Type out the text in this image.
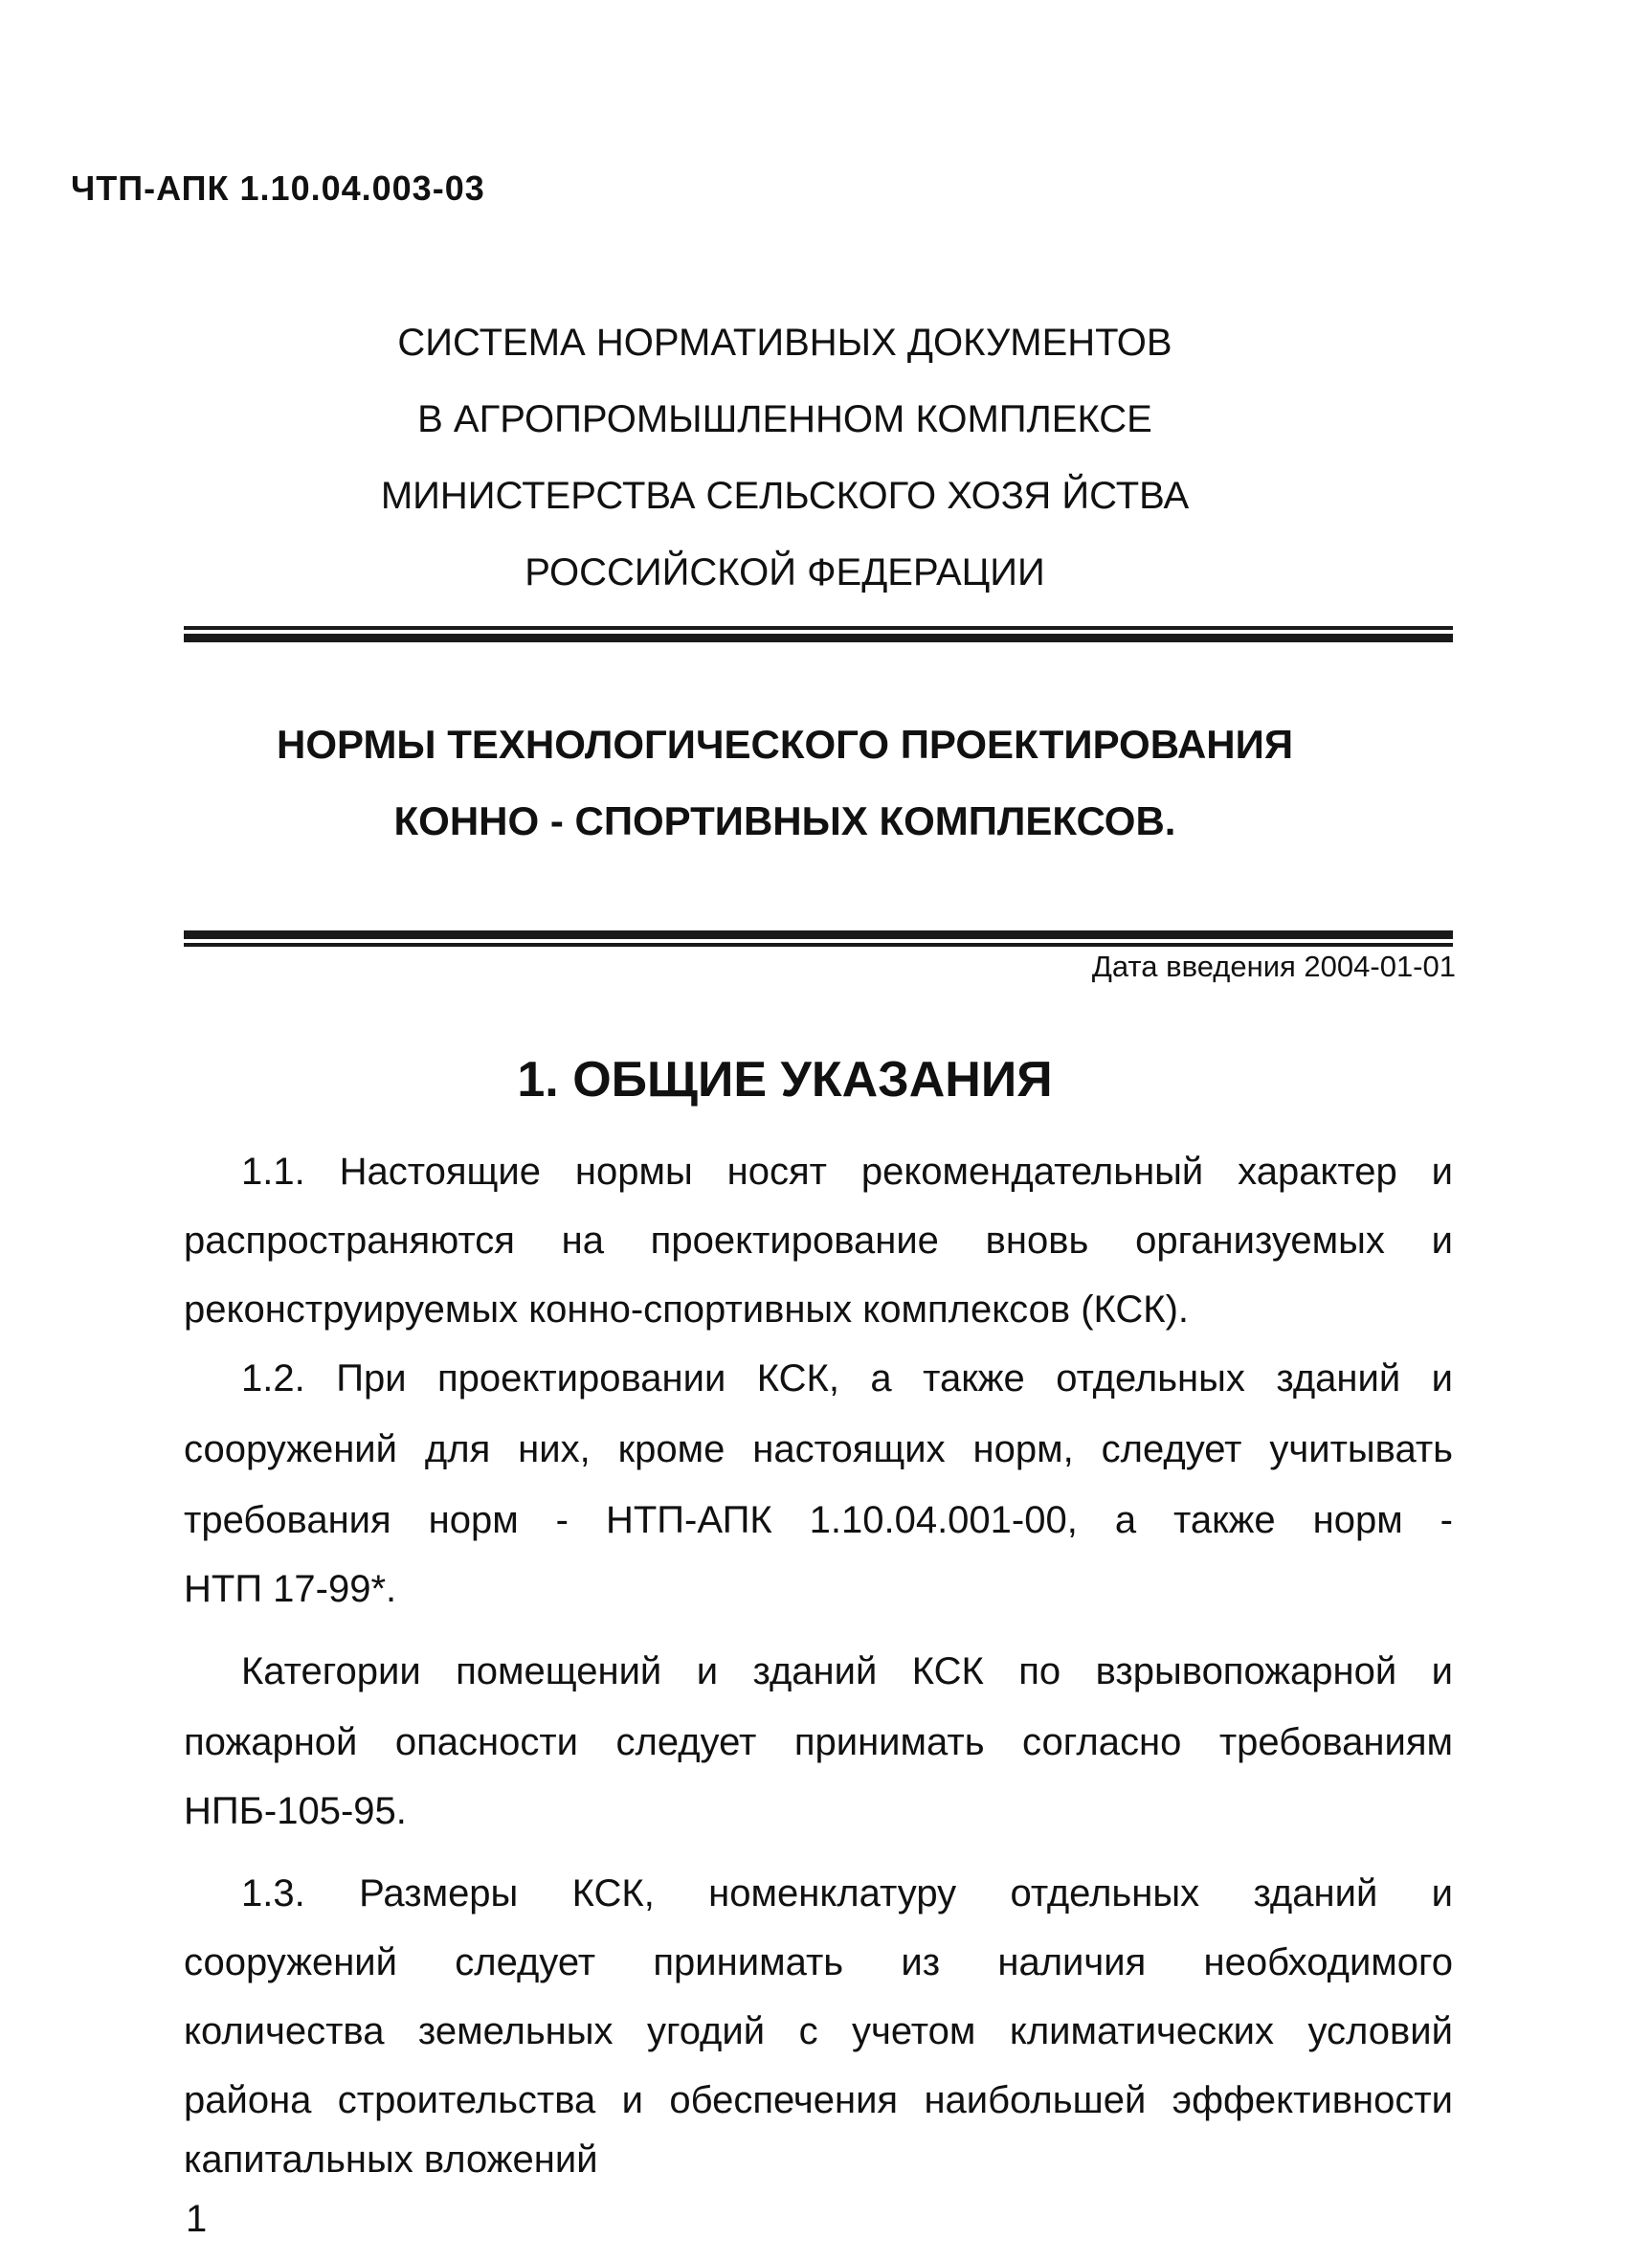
ЧТП-АПК 1.10.04.003-03
СИСТЕМА НОРМАТИВНЫХ ДОКУМЕНТОВ
В АГРОПРОМЫШЛЕННОМ КОМПЛЕКСЕ
МИНИСТЕРСТВА СЕЛЬСКОГО ХОЗЯ ЙСТВА
РОССИЙСКОЙ ФЕДЕРАЦИИ
НОРМЫ ТЕХНОЛОГИЧЕСКОГО ПРОЕКТИРОВАНИЯ
КОННО - СПОРТИВНЫХ КОМПЛЕКСОВ.
Дата введения 2004-01-01
1. ОБЩИЕ УКАЗАНИЯ
1.1. Настоящие нормы носят рекомендательный характер и
распространяются на проектирование вновь организуемых и
реконструируемых конно-спортивных комплексов (КСК).
1.2. При проектировании КСК, а также отдельных зданий и
сооружений для них, кроме настоящих норм, следует учитывать
требования норм - НТП-АПК 1.10.04.001-00, а также норм -
НТП 17-99*.
Категории помещений и зданий КСК по взрывопожарной и
пожарной опасности следует принимать согласно требованиям
НПБ-105-95.
1.3. Размеры КСК, номенклатуру отдельных зданий и
сооружений следует принимать из наличия необходимого
количества земельных угодий с учетом климатических условий
района строительства и обеспечения наибольшей эффективности
капитальных вложений
1
